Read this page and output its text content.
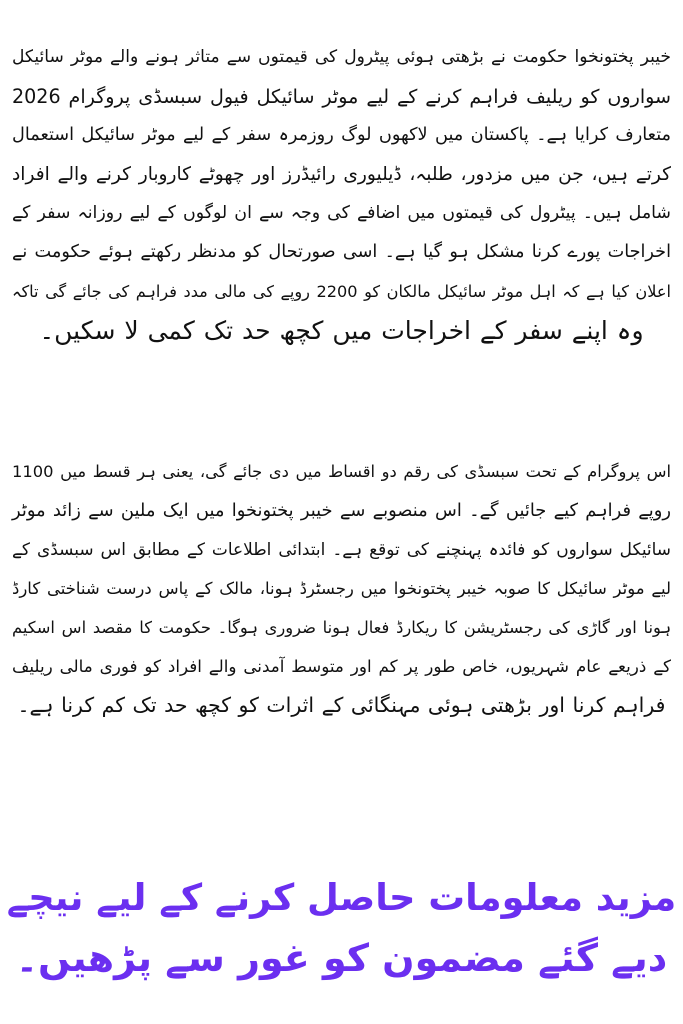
خیبر پختونخوا حکومت نے بڑھتی ہوئی پیٹرول کی قیمتوں سے متاثر ہونے والے موٹر سائیکل
سواروں کو ریلیف فراہم کرنے کے لیے موٹر سائیکل فیول سبسڈی پروگرام 2026
متعارف کرایا ہے۔ پاکستان میں لاکھوں لوگ روزمرہ سفر کے لیے موٹر سائیکل استعمال
کرتے ہیں، جن میں مزدور، طلبہ، ڈیلیوری رائیڈرز اور چھوٹے کاروبار کرنے والے افراد
شامل ہیں۔ پیٹرول کی قیمتوں میں اضافے کی وجہ سے ان لوگوں کے لیے روزانہ سفر کے
اخراجات پورے کرنا مشکل ہو گیا ہے۔ اسی صورتحال کو مدنظر رکھتے ہوئے حکومت نے
اعلان کیا ہے کہ اہل موٹر سائیکل مالکان کو 2200 روپے کی مالی مدد فراہم کی جائے گی تاکہ
وہ اپنے سفر کے اخراجات میں کچھ حد تک کمی لا سکیں۔
اس پروگرام کے تحت سبسڈی کی رقم دو اقساط میں دی جائے گی، یعنی ہر قسط میں 1100
روپے فراہم کیے جائیں گے۔ اس منصوبے سے خیبر پختونخوا میں ایک ملین سے زائد موٹر
سائیکل سواروں کو فائدہ پہنچنے کی توقع ہے۔ ابتدائی اطلاعات کے مطابق اس سبسڈی کے
لیے موٹر سائیکل کا صوبہ خیبر پختونخوا میں رجسٹرڈ ہونا، مالک کے پاس درست شناختی کارڈ
ہونا اور گاڑی کی رجسٹریشن کا ریکارڈ فعال ہونا ضروری ہوگا۔ حکومت کا مقصد اس اسکیم
کے ذریعے عام شہریوں، خاص طور پر کم اور متوسط آمدنی والے افراد کو فوری مالی ریلیف
فراہم کرنا اور بڑھتی ہوئی مہنگائی کے اثرات کو کچھ حد تک کم کرنا ہے۔
مزید معلومات حاصل کرنے کے لیے نیچے
دیے گئے مضمون کو غور سے پڑھیں۔
